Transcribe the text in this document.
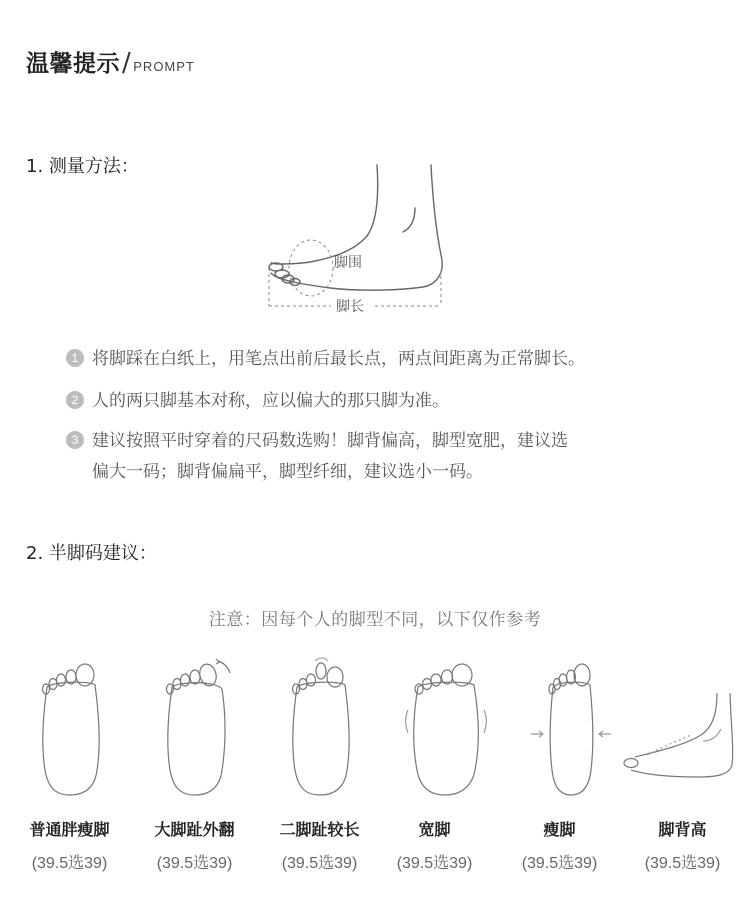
温馨提示/ PROMPT
1. 测量方法：
脚围
脚长
1 将脚踩在白纸上，用笔点出前后最长点，两点间距离为正常脚长。
2 人的两只脚基本对称，应以偏大的那只脚为准。
3 建议按照平时穿着的尺码数选购！脚背偏高，脚型宽肥，建议选
偏大一码；脚背偏扁平，脚型纤细，建议选小一码。
2. 半脚码建议：
注意：因每个人的脚型不同，以下仅作参考
普通胖瘦脚	大脚趾外翻	二脚趾较长	宽脚	瘦脚	脚背高
(39.5选39)	(39.5选39)	(39.5选39)	(39.5选39)	(39.5选39)	(39.5选39)
